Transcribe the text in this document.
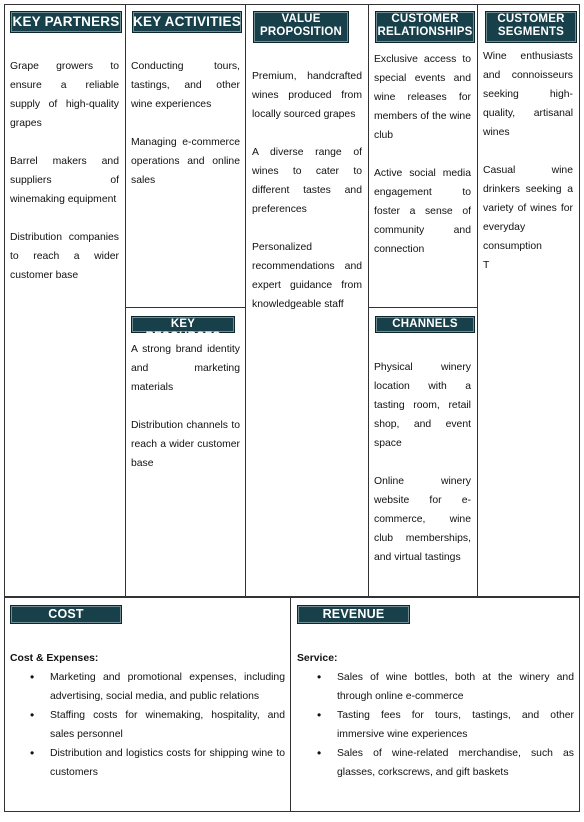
KEY PARTNERS

Grape growers to ensure a reliable supply of high-quality grapes

Barrel makers and suppliers of winemaking equipment

Distribution companies to reach a wider customer base

KEY ACTIVITIES

Conducting tours, tastings, and other wine experiences

Managing e-commerce operations and online sales

KEY RESOURCES

A strong brand identity and marketing materials

Distribution channels to reach a wider customer base

VALUE
PROPOSITION

Premium, handcrafted wines produced from locally sourced grapes

A diverse range of wines to cater to different tastes and preferences

Personalized recommendations and expert guidance from knowledgeable staff

CUSTOMER
RELATIONSHIPS

Exclusive access to special events and wine releases for members of the wine club

Active social media engagement to foster a sense of community and connection

CHANNELS

Physical winery location with a tasting room, retail shop, and event space

Online winery website for e-commerce, wine club memberships, and virtual tastings

CUSTOMER
SEGMENTS

Wine enthusiasts and connoisseurs seeking high-quality, artisanal wines

Casual wine drinkers seeking a variety of wines for everyday consumption

T
COST STRUCTURE

Cost & Expenses:

• Marketing and promotional expenses, including advertising, social media, and public relations
• Staffing costs for winemaking, hospitality, and sales personnel
• Distribution and logistics costs for shipping wine to customers
REVENUE

Service:

• Sales of wine bottles, both at the winery and through online e-commerce
• Tasting fees for tours, tastings, and other immersive wine experiences
• Sales of wine-related merchandise, such as glasses, corkscrews, and gift baskets
